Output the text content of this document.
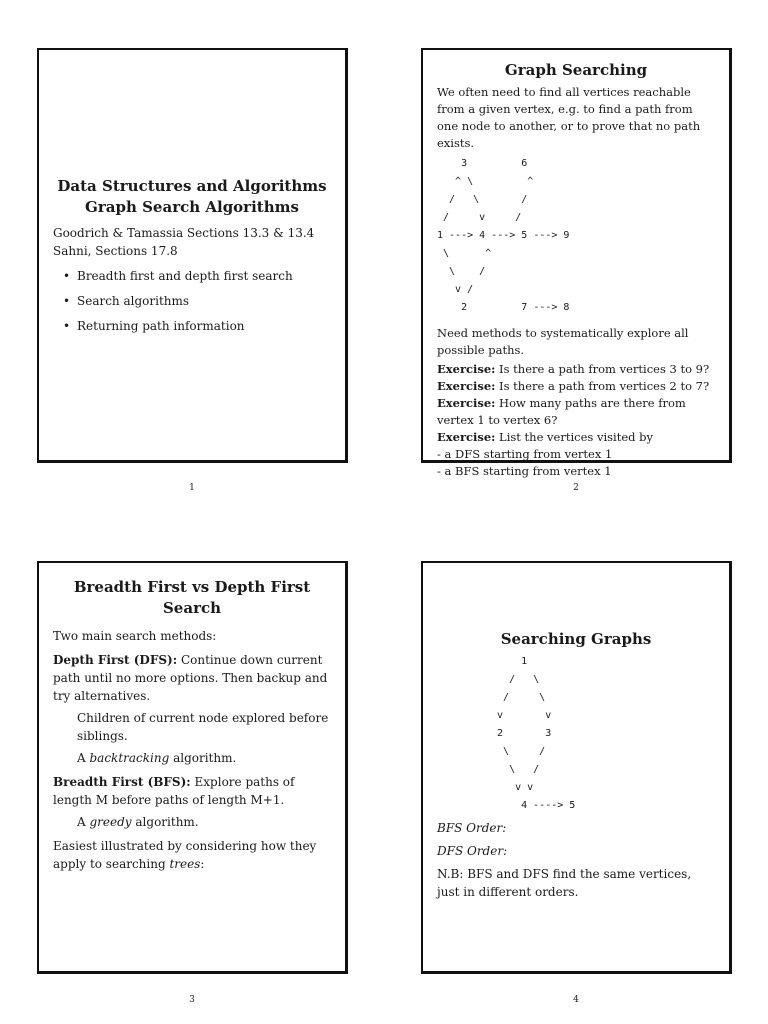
Data Structures and Algorithms

Graph Search Algorithms

Goodrich & Tamassia Sections 13.3 & 13.4

Sahni, Sections 17.8

• Breadth first and depth first search
• Search algorithms
• Returning path information

Graph Searching

We often need to find all vertices reachable from a given vertex, e.g. to find a path from one node to another, or to prove that no path exists.

3         6
^ \         ^
/   \       /
/     v     /
1 ---> 4 ---> 5 ---> 9
\      ^
\    /
v /
2         7 ---> 8

Need methods to systematically explore all possible paths.

Exercise: Is there a path from vertices 3 to 9?

Exercise: Is there a path from vertices 2 to 7?

Exercise: How many paths are there from vertex 1 to vertex 6?

Exercise: List the vertices visited by

- a DFS starting from vertex 1

- a BFS starting from vertex 1

Breadth First vs Depth First Search

Two main search methods:

Depth First (DFS): Continue down current path until no more options. Then backup and try alternatives.

Children of current node explored before siblings.

A backtracking algorithm.

Breadth First (BFS): Explore paths of length M before paths of length M+1.

A greedy algorithm.

Easiest illustrated by considering how they apply to searching trees:

Searching Graphs

1
/   \
/     \
v       v
2       3
\     /
\   /
v v
4 ----> 5

BFS Order:

DFS Order:

N.B: BFS and DFS find the same vertices, just in different orders.

1	2
3	4
